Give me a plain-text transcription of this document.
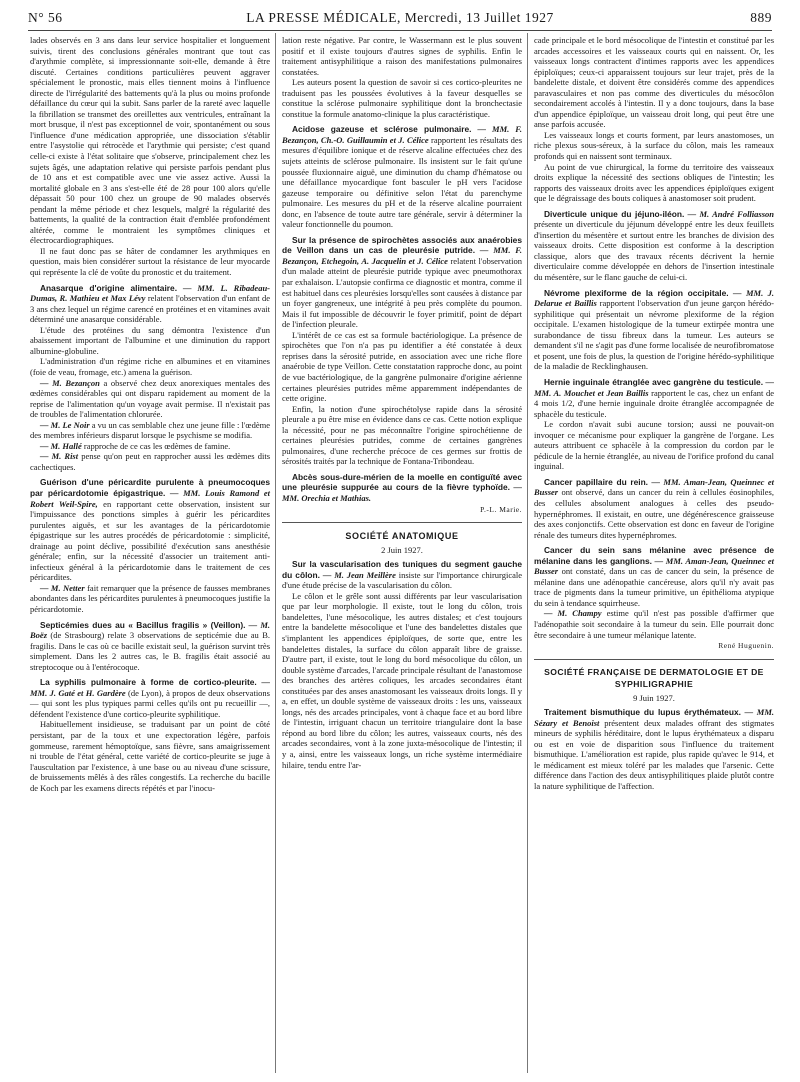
N° 56	LA PRESSE MÉDICALE, Mercredi, 13 Juillet 1927	889

lades observés en 3 ans dans leur service hospitalier et longuement suivis, tirent des conclusions générales montrant que tout cas d'arythmie complète, si impressionnante soit-elle, demande à être discuté. Certaines conditions particulières peuvent aggraver spécialement le pronostic, mais elles tiennent moins à l'influence directe de l'irrégularité des battements qu'à la plus ou moins profonde défaillance du cœur qui la subit. Sans parler de la rareté avec laquelle la fibrillation se transmet des oreillettes aux ventricules, entraînant la mort brusque, il n'est pas exceptionnel de voir, spontanément ou sous l'influence d'une médication appropriée, une dissociation s'établir entre l'asystolie qui rétrocède et l'arythmie qui persiste; c'est quand celle-ci existe à l'état solitaire que s'observe, principalement chez les sujets âgés, une adaptation relative qui persiste parfois pendant plus de 10 ans et est compatible avec une vie assez active. Aussi la mortalité globale en 3 ans s'est-elle été de 28 pour 100 alors qu'elle dépassait 50 pour 100 chez un groupe de 90 malades observés pendant la même période et chez lesquels, malgré la régularité des battements, la qualité de la contraction était d'emblée profondément altérée, comme le montraient les symptômes cliniques et électrocardiographiques.

Il ne faut donc pas se hâter de condamner les arythmiques en question, mais bien considérer surtout la résistance de leur myocarde qui représente la clé de voûte du pronostic et du traitement.

Anasarque d'origine alimentaire. — MM. L. Ribadeau-Dumas, R. Mathieu et Max Lévy relatent l'observation d'un enfant de 3 ans chez lequel un régime carencé en protéines et en vitamines avait déterminé une anasarque considérable.

L'étude des protéines du sang démontra l'existence d'un abaissement important de l'albumine et une diminution du rapport albumine-globuline.

L'administration d'un régime riche en albumines et en vitamines (foie de veau, fromage, etc.) amena la guérison.

— M. Bezançon a observé chez deux anorexiques mentales des œdèmes considérables qui ont disparu rapidement au moment de la reprise de l'alimentation qu'un voyage avait permise. Il n'existait pas de troubles de l'alimentation chlorurée.

— M. Le Noir a vu un cas semblable chez une jeune fille : l'œdème des membres inférieurs disparut lorsque le psychisme se modifia.

— M. Hallé rapproche de ce cas les œdèmes de famine.

— M. Rist pense qu'on peut en rapprocher aussi les œdèmes dits cachectiques.

Guérison d'une péricardite purulente à pneumocoques par péricardotomie épigastrique. — MM. Louis Ramond et Robert Weil-Spire, en rapportant cette observation, insistent sur l'impuissance des ponctions simples à guérir les péricardites purulentes aiguës, et sur les avantages de la péricardotomie épigastrique sur les autres procédés de péricardotomie : simplicité, drainage au point déclive, possibilité d'exécution sans anesthésie générale; enfin, sur la nécessité d'associer un traitement anti-infectieux général à la péricardotomie dans le traitement de ces péricardites.

— M. Netter fait remarquer que la présence de fausses membranes abondantes dans les péricardites purulentes à pneumocoques justifie la péricardotomie.

Septicémies dues au « Bacillus fragilis » (Veillon). — M. Boëz (de Strasbourg) relate 3 observations de septicémie due au B. fragilis. Dans le cas où ce bacille existait seul, la guérison survint très simplement. Dans les 2 autres cas, le B. fragilis était associé au streptocoque ou à l'entérocoque.

La syphilis pulmonaire à forme de cortico-pleurite. — MM. J. Gaté et H. Gardère (de Lyon), à propos de deux observations — qui sont les plus typiques parmi celles qu'ils ont pu recueillir —, défendent l'existence d'une cortico-pleurite syphilitique.

Habituellement insidieuse, se traduisant par un point de côté persistant, par de la toux et une expectoration légère, parfois gommeuse, rarement hémoptoïque, sans fièvre, sans amaigrissement ni trouble de l'état général, cette variété de cortico-pleurite se juge à l'auscultation par l'existence, à une base ou au niveau d'une scissure, de bruissements mêlés à des râles congestifs. La recherche du bacille de Koch par les examens directs répétés et par l'inocu-

lation reste négative. Par contre, le Wassermann est le plus souvent positif et il existe toujours d'autres signes de syphilis. Enfin le traitement antisyphilitique a raison des manifestations pulmonaires constatées.

Les auteurs posent la question de savoir si ces cortico-pleurites ne traduisent pas les poussées évolutives à la faveur desquelles se constitue la sclérose pulmonaire syphilitique dont la bronchectasie constitue la formule anatomo-clinique la plus caractéristique.

Acidose gazeuse et sclérose pulmonaire. — MM. F. Bezançon, Ch.-O. Guillaumin et J. Célice rapportent les résultats des mesures d'équilibre ionique et de réserve alcaline effectuées chez des sujets atteints de sclérose pulmonaire. Ils insistent sur le fait qu'une poussée fluxionnaire aiguë, une diminution du champ d'hématose ou une défaillance myocardique font basculer le pH vers l'acidose gazeuse temporaire ou définitive selon l'état du parenchyme pulmonaire. Les mesures du pH et de la réserve alcaline pourraient donc, en l'absence de toute autre tare générale, servir à déterminer la valeur fonctionnelle du poumon.

Sur la présence de spirochètes associés aux anaérobies de Veillon dans un cas de pleurésie putride. — MM. F. Bezançon, Etchegoin, A. Jacquelin et J. Célice relatent l'observation d'un malade atteint de pleurésie putride typique avec pneumothorax par exhalaison. L'autopsie confirma ce diagnostic et montra, comme il est habituel dans ces pleurésies lorsqu'elles sont causées à distance par un foyer gangreneux, une intégrité à peu près complète du poumon. Mais il fut impossible de découvrir le foyer primitif, point de départ de l'infection pleurale.

L'intérêt de ce cas est sa formule bactériologique. La présence de spirochètes que l'on n'a pas pu identifier a été constatée à deux reprises dans la sérosité putride, en association avec une riche flore anaérobie de type Veillon. Cette constatation rapproche donc, au point de vue bactériologique, de la gangrène pulmonaire d'origine aérienne certaines pleurésies putrides même apparemment indépendantes de cette origine.

Enfin, la notion d'une spirochétolyse rapide dans la sérosité pleurale a pu être mise en évidence dans ce cas. Cette notion explique la nécessité, pour ne pas méconnaître l'origine spirochétienne de certaines pleurésies putrides, comme de certaines gangrènes pulmonaires, d'une recherche précoce de ces germes sur frottis de sérosités traités par la technique de Fontana-Tribondeau.

Abcès sous-dure-mérien de la moelle en contiguïté avec une pleurésie suppurée au cours de la fièvre typhoïde. — MM. Orechia et Mathias.

P.-L. Marie.

SOCIÉTÉ ANATOMIQUE

2 Juin 1927.

Sur la vascularisation des tuniques du segment gauche du côlon. — M. Jean Meillère insiste sur l'importance chirurgicale d'une étude précise de la vascularisation du côlon.

Le côlon et le grêle sont aussi différents par leur vascularisation que par leur morphologie. Il existe, tout le long du côlon, trois bandelettes, l'une mésocolique, les autres distales; et c'est toujours entre la bandelette mésocolique et l'une des bandelettes distales que s'implantent les appendices épiploïques, de sorte que, entre les bandelettes distales, la surface du côlon apparaît libre de graisse. D'autre part, il existe, tout le long du bord mésocolique du côlon, un double système d'arcades, l'arcade principale résultant de l'anastomose des branches des artères coliques, les arcades secondaires étant constituées par des anses anastomosant les vaisseaux droits longs. Il y a, en effet, un double système de vaisseaux droits : les uns, vaisseaux longs, nés des arcades principales, vont à chaque face et au bord libre de l'intestin, irriguant chacun un territoire triangulaire dont la base répond au bord libre du côlon; les autres, vaisseaux courts, nés des arcades secondaires, vont à la zone juxta-mésocolique de l'intestin; il y a, ainsi, entre les vaisseaux longs, un riche système intermédiaire hilaire, tendu entre l'ar-

cade principale et le bord mésocolique de l'intestin et constitué par les arcades accessoires et les vaisseaux courts qui en naissent. Or, les vaisseaux longs contractent d'intimes rapports avec les appendices épiploïques; ceux-ci apparaissent toujours sur leur trajet, près de la bandelette distale, et doivent être considérés comme des appendices paravasculaires et non pas comme des diverticules du mésocôlon secondairement accolés à l'intestin. Il y a donc toujours, dans la base d'un appendice épiploïque, un vaisseau droit long, qui peut être une anse parfois accusée.

Les vaisseaux longs et courts forment, par leurs anastomoses, un riche plexus sous-séreux, à la surface du côlon, mais les rameaux profonds qui en naissent sont terminaux.

Au point de vue chirurgical, la forme du territoire des vaisseaux droits explique la nécessité des sections obliques de l'intestin; les rapports des vaisseaux droits avec les appendices épiploïques exigent que le dégraissage des bouts coliques à anastomoser soit prudent.

Diverticule unique du jéjuno-iléon. — M. André Folliasson présente un diverticule du jéjunum développé entre les deux feuillets d'insertion du mésentère et surtout entre les branches de division des vaisseaux droits. Cette disposition est conforme à la description classique, alors que des travaux récents décrivent la hernie diverticulaire comme développée en dehors de l'insertion intestinale du mésentère, sur le flanc gauche de celui-ci.

Névrome plexiforme de la région occipitale. — MM. J. Delarue et Baillis rapportent l'observation d'un jeune garçon hérédo-syphilitique qui présentait un névrome plexiforme de la région occipitale. L'examen histologique de la tumeur extirpée montra une surabondance de tissu fibreux dans la tumeur. Les auteurs se demandent s'il ne s'agit pas d'une forme localisée de neurofibromatose et posent, une fois de plus, la question de l'origine hérédo-syphilitique de la maladie de Recklinghausen.

Hernie inguinale étranglée avec gangrène du testicule. — MM. A. Mouchet et Jean Baillis rapportent le cas, chez un enfant de 4 mois 1/2, d'une hernie inguinale droite étranglée accompagnée de sphacèle du testicule.

Le cordon n'avait subi aucune torsion; aussi ne pouvait-on invoquer ce mécanisme pour expliquer la gangrène de l'organe. Les auteurs attribuent ce sphacèle à la compression du cordon par le pédicule de la hernie étranglée, au niveau de l'orifice profond du canal inguinal.

Cancer papillaire du rein. — MM. Aman-Jean, Queinnec et Busser ont observé, dans un cancer du rein à cellules éosinophiles, des cellules absolument analogues à celles des pseudo-hypernéphromes. Il existait, en outre, une dégénérescence graisseuse des axes conjonctifs. Cette observation est donc en faveur de l'origine rénale des tumeurs dites hypernéphromes.

Cancer du sein sans mélanine avec présence de mélanine dans les ganglions. — MM. Aman-Jean, Queinnec et Busser ont constaté, dans un cas de cancer du sein, la présence de mélanine dans une adénopathie cancéreuse, alors qu'il n'y avait pas trace de pigments dans la tumeur primitive, un épithélioma atypique du sein à tendance squirrheuse.

— M. Champy estime qu'il n'est pas possible d'affirmer que l'adénopathie soit secondaire à la tumeur du sein. Elle pourrait donc être secondaire à une tumeur mélanique latente.

René Huguenin.

SOCIÉTÉ FRANÇAISE DE DERMATOLOGIE ET DE SYPHILIGRAPHIE

9 Juin 1927.

Traitement bismuthique du lupus érythémateux. — MM. Sézary et Benoist présentent deux malades offrant des stigmates mineurs de syphilis héréditaire, dont le lupus érythémateux a disparu ou est en voie de disparition sous l'influence du traitement bismuthique. L'amélioration est rapide, plus rapide qu'avec le 914, et le médicament est mieux toléré par les malades que l'arsenic. Cette différence dans l'action des deux antisyphilitiques plaide plutôt contre la nature syphilitique de l'affection.
